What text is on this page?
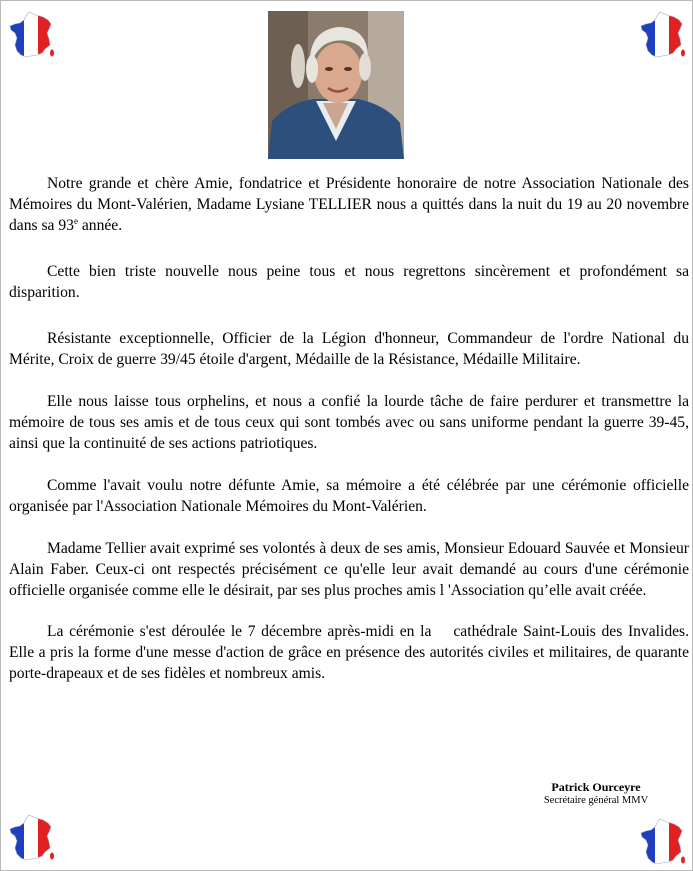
Notre grande et chère Amie, fondatrice et Présidente honoraire de notre Association Nationale des Mémoires du Mont-Valérien, Madame Lysiane TELLIER nous a quittés dans la nuit du 19 au 20 novembre dans sa 93e année.

Cette bien triste nouvelle nous peine tous et nous regrettons sincèrement et profondément sa disparition.

Résistante exceptionnelle, Officier de la Légion d'honneur, Commandeur de l'ordre National du Mérite, Croix de guerre 39/45 étoile d'argent, Médaille de la Résistance, Médaille Militaire.

Elle nous laisse tous orphelins, et nous a confié la lourde tâche de faire perdurer et transmettre la mémoire de tous ses amis et de tous ceux qui sont tombés avec ou sans uniforme pendant la guerre 39-45, ainsi que la continuité de ses actions patriotiques.

Comme l'avait voulu notre défunte Amie, sa mémoire a été célébrée par une cérémonie officielle organisée par l'Association Nationale Mémoires du Mont-Valérien.

Madame Tellier avait exprimé ses volontés à deux de ses amis, Monsieur Edouard Sauvée et Monsieur Alain Faber. Ceux-ci ont respectés précisément ce qu'elle leur avait demandé au cours d'une cérémonie officielle organisée comme elle le désirait, par ses plus proches amis l 'Association qu’elle avait créée.

La cérémonie s'est déroulée le 7 décembre après-midi en la cathédrale Saint-Louis des Invalides. Elle a pris la forme d'une messe d'action de grâce en présence des autorités civiles et militaires, de quarante porte-drapeaux et de ses fidèles et nombreux amis.

Patrick Ourceyre
Secrétaire général MMV
